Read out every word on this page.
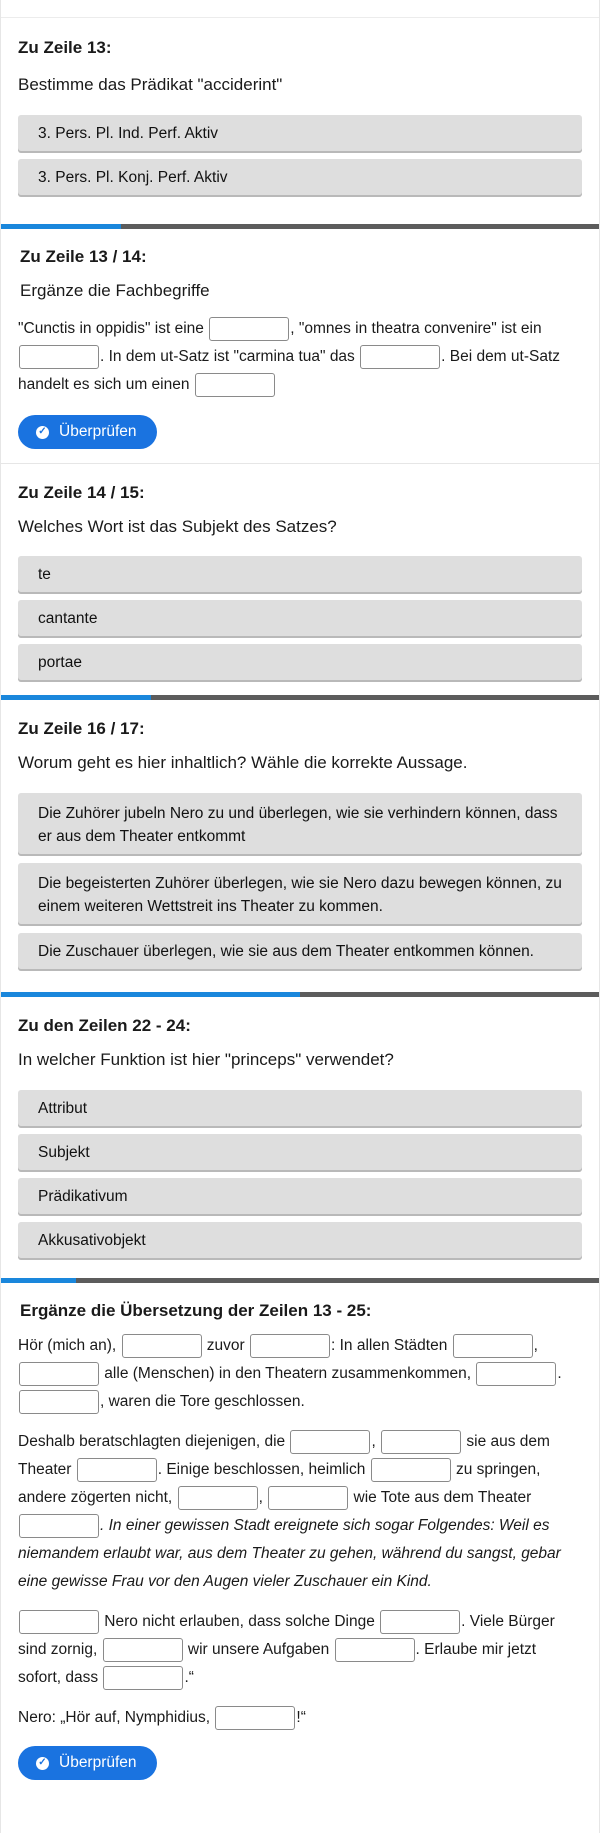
Zu Zeile 13:
Bestimme das Prädikat "acciderint"
3. Pers. Pl. Ind. Perf. Aktiv
3. Pers. Pl. Konj. Perf. Aktiv
Zu Zeile 13 / 14:
Ergänze die Fachbegriffe
"Cunctis in oppidis" ist eine	, "omnes in theatra convenire" ist ein . In dem ut-Satz ist "carmina tua" das	. Bei dem ut-Satz handelt es sich um einen
✓ Überprüfen
Zu Zeile 14 / 15:
Welches Wort ist das Subjekt des Satzes?
te
cantante
portae
Zu Zeile 16 / 17:
Worum geht es hier inhaltlich? Wähle die korrekte Aussage.
Die Zuhörer jubeln Nero zu und überlegen, wie sie verhindern können, dass er aus dem Theater entkommt
Die begeisterten Zuhörer überlegen, wie sie Nero dazu bewegen können, zu einem weiteren Wettstreit ins Theater zu kommen.
Die Zuschauer überlegen, wie sie aus dem Theater entkommen können.
Zu den Zeilen 22 - 24:
In welcher Funktion ist hier "princeps" verwendet?
Attribut
Subjekt
Prädikativum
Akkusativobjekt
Ergänze die Übersetzung der Zeilen 13 - 25:
Hör (mich an),	zuvor	: In allen Städten	,  alle (Menschen) in den Theatern zusammenkommen,	. , waren die Tore geschlossen.
Deshalb beratschlagten diejenigen, die	,	sie aus dem Theater	. Einige beschlossen, heimlich	zu springen, andere zögerten nicht,	,	wie Tote aus dem Theater . In einer gewissen Stadt ereignete sich sogar Folgendes: Weil es niemandem erlaubt war, aus dem Theater zu gehen, während du sangst, gebar eine gewisse Frau vor den Augen vieler Zuschauer ein Kind.
Nero nicht erlauben, dass solche Dinge	. Viele Bürger sind zornig,	wir unsere Aufgaben	. Erlaube mir jetzt sofort, dass	.“
Nero: „Hör auf, Nymphidius,	!“
✓ Überprüfen
